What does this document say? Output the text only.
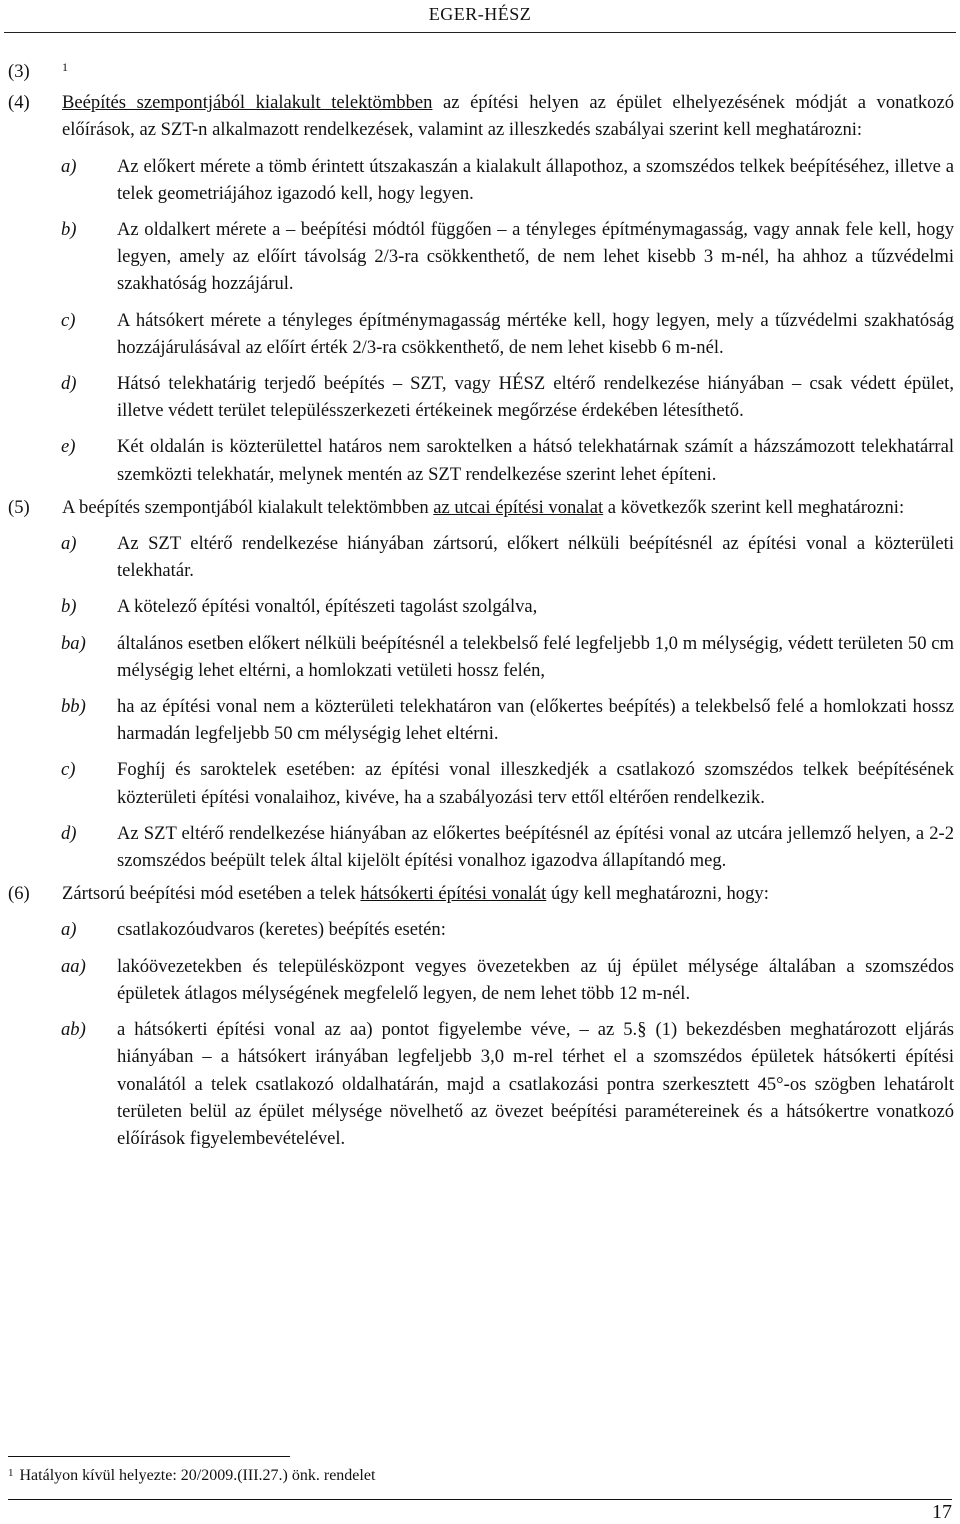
EGER-HÉSZ
(3)	$^1$
(4) Beépítés szempontjából kialakult telektömbben az építési helyen az épület elhelyezésének módját a vonatkozó előírások, az SZT-n alkalmazott rendelkezések, valamint az illeszkedés szabályai szerint kell meghatározni:
a) Az előkert mérete a tömb érintett útszakaszán a kialakult állapothoz, a szomszédos telkek beépítéséhez, illetve a telek geometriájához igazodó kell, hogy legyen.
b) Az oldalkert mérete a – beépítési módtól függően – a tényleges építménymagasság, vagy annak fele kell, hogy legyen, amely az előírt távolság 2/3-ra csökkenthető, de nem lehet kisebb 3 m-nél, ha ahhoz a tűzvédelmi szakhatóság hozzájárul.
c) A hátsókert mérete a tényleges építménymagasság mértéke kell, hogy legyen, mely a tűzvédelmi szakhatóság hozzájárulásával az előírt érték 2/3-ra csökkenthető, de nem lehet kisebb 6 m-nél.
d) Hátsó telekhatárig terjedő beépítés – SZT, vagy HÉSZ eltérő rendelkezése hiányában – csak védett épület, illetve védett terület településszerkezeti értékeinek megőrzése érdekében létesíthető.
e) Két oldalán is közterülettel határos nem saroktelken a hátsó telekhatárnak számít a házszámozott telekhatárral szemközti telekhatár, melynek mentén az SZT rendelkezése szerint lehet építeni.
(5) A beépítés szempontjából kialakult telektömbben az utcai építési vonalat a következők szerint kell meghatározni:
a) Az SZT eltérő rendelkezése hiányában zártsorú, előkert nélküli beépítésnél az építési vonal a közterületi telekhatár.
b) A kötelező építési vonaltól, építészeti tagolást szolgálva,
ba) általános esetben előkert nélküli beépítésnél a telekbelső felé legfeljebb 1,0 m mélységig, védett területen 50 cm mélységig lehet eltérni, a homlokzati vetületi hossz felén,
bb) ha az építési vonal nem a közterületi telekhatáron van (előkertes beépítés) a telekbelső felé a homlokzati hossz harmadán legfeljebb 50 cm mélységig lehet eltérni.
c) Foghíj és saroktelek esetében: az építési vonal illeszkedjék a csatlakozó szomszédos telkek beépítésének közterületi építési vonalaihoz, kivéve, ha a szabályozási terv ettől eltérően rendelkezik.
d) Az SZT eltérő rendelkezése hiányában az előkertes beépítésnél az építési vonal az utcára jellemző helyen, a 2-2 szomszédos beépült telek által kijelölt építési vonalhoz igazodva állapítandó meg.
(6) Zártsorú beépítési mód esetében a telek hátsókerti építési vonalát úgy kell meghatározni, hogy:
a) csatlakozóudvaros (keretes) beépítés esetén:
aa) lakóövezetekben és településközpont vegyes övezetekben az új épület mélysége általában a szomszédos épületek átlagos mélységének megfelelő legyen, de nem lehet több 12 m-nél.
ab) a hátsókerti építési vonal az aa) pontot figyelembe véve, – az 5.§ (1) bekezdésben meghatározott eljárás hiányában – a hátsókert irányában legfeljebb 3,0 m-rel térhet el a szomszédos épületek hátsókerti építési vonalától a telek csatlakozó oldalhatárán, majd a csatlakozási pontra szerkesztett 45°-os szögben lehatárolt területen belül az épület mélysége növelhető az övezet beépítési paramétereinek és a hátsókertre vonatkozó előírások figyelembevételével.
$^1$ Hatályon kívül helyezte: 20/2009.(III.27.) önk. rendelet
17
